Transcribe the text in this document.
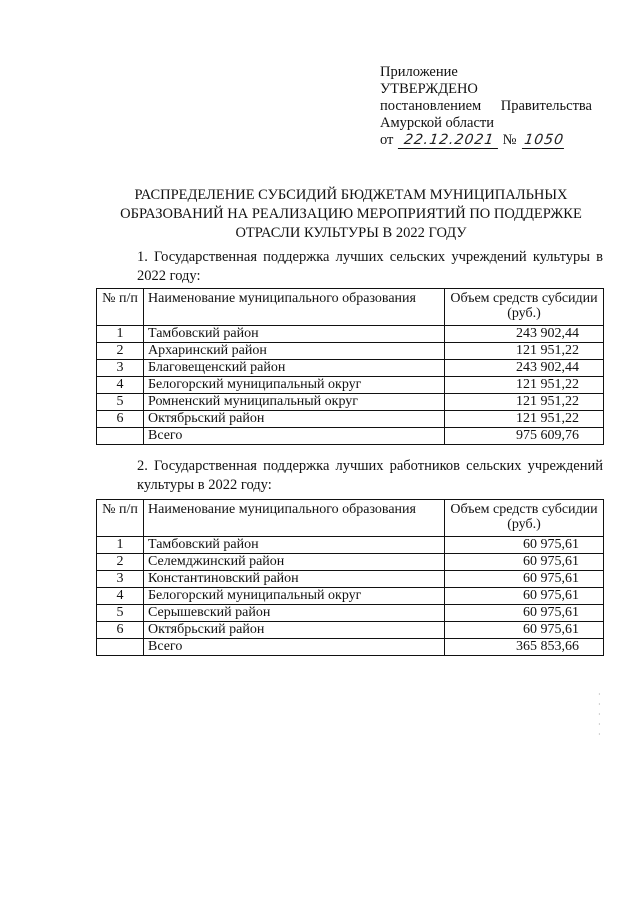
Приложение
УТВЕРЖДЕНО
постановлением Правительства
Амурской области
от 22.12.2021 № 1050
РАСПРЕДЕЛЕНИЕ СУБСИДИЙ БЮДЖЕТАМ МУНИЦИПАЛЬНЫХ
ОБРАЗОВАНИЙ НА РЕАЛИЗАЦИЮ МЕРОПРИЯТИЙ ПО ПОДДЕРЖКЕ
ОТРАСЛИ КУЛЬТУРЫ В 2022 ГОДУ
1. Государственная поддержка лучших сельских учреждений культуры в 2022 году:
№ п/п	Наименование муниципального образования	Объем средств субсидии (руб.)
1	Тамбовский район	243 902,44
2	Архаринский район	121 951,22
3	Благовещенский район	243 902,44
4	Белогорский муниципальный округ	121 951,22
5	Ромненский муниципальный округ	121 951,22
6	Октябрьский район	121 951,22
	Всего	975 609,76
2. Государственная поддержка лучших работников сельских учреждений культуры в 2022 году:
№ п/п	Наименование муниципального образования	Объем средств субсидии (руб.)
1	Тамбовский район	60 975,61
2	Селемджинский район	60 975,61
3	Константиновский район	60 975,61
4	Белогорский муниципальный округ	60 975,61
5	Серышевский район	60 975,61
6	Октябрьский район	60 975,61
	Всего	365 853,66
·
·
·
·
·
